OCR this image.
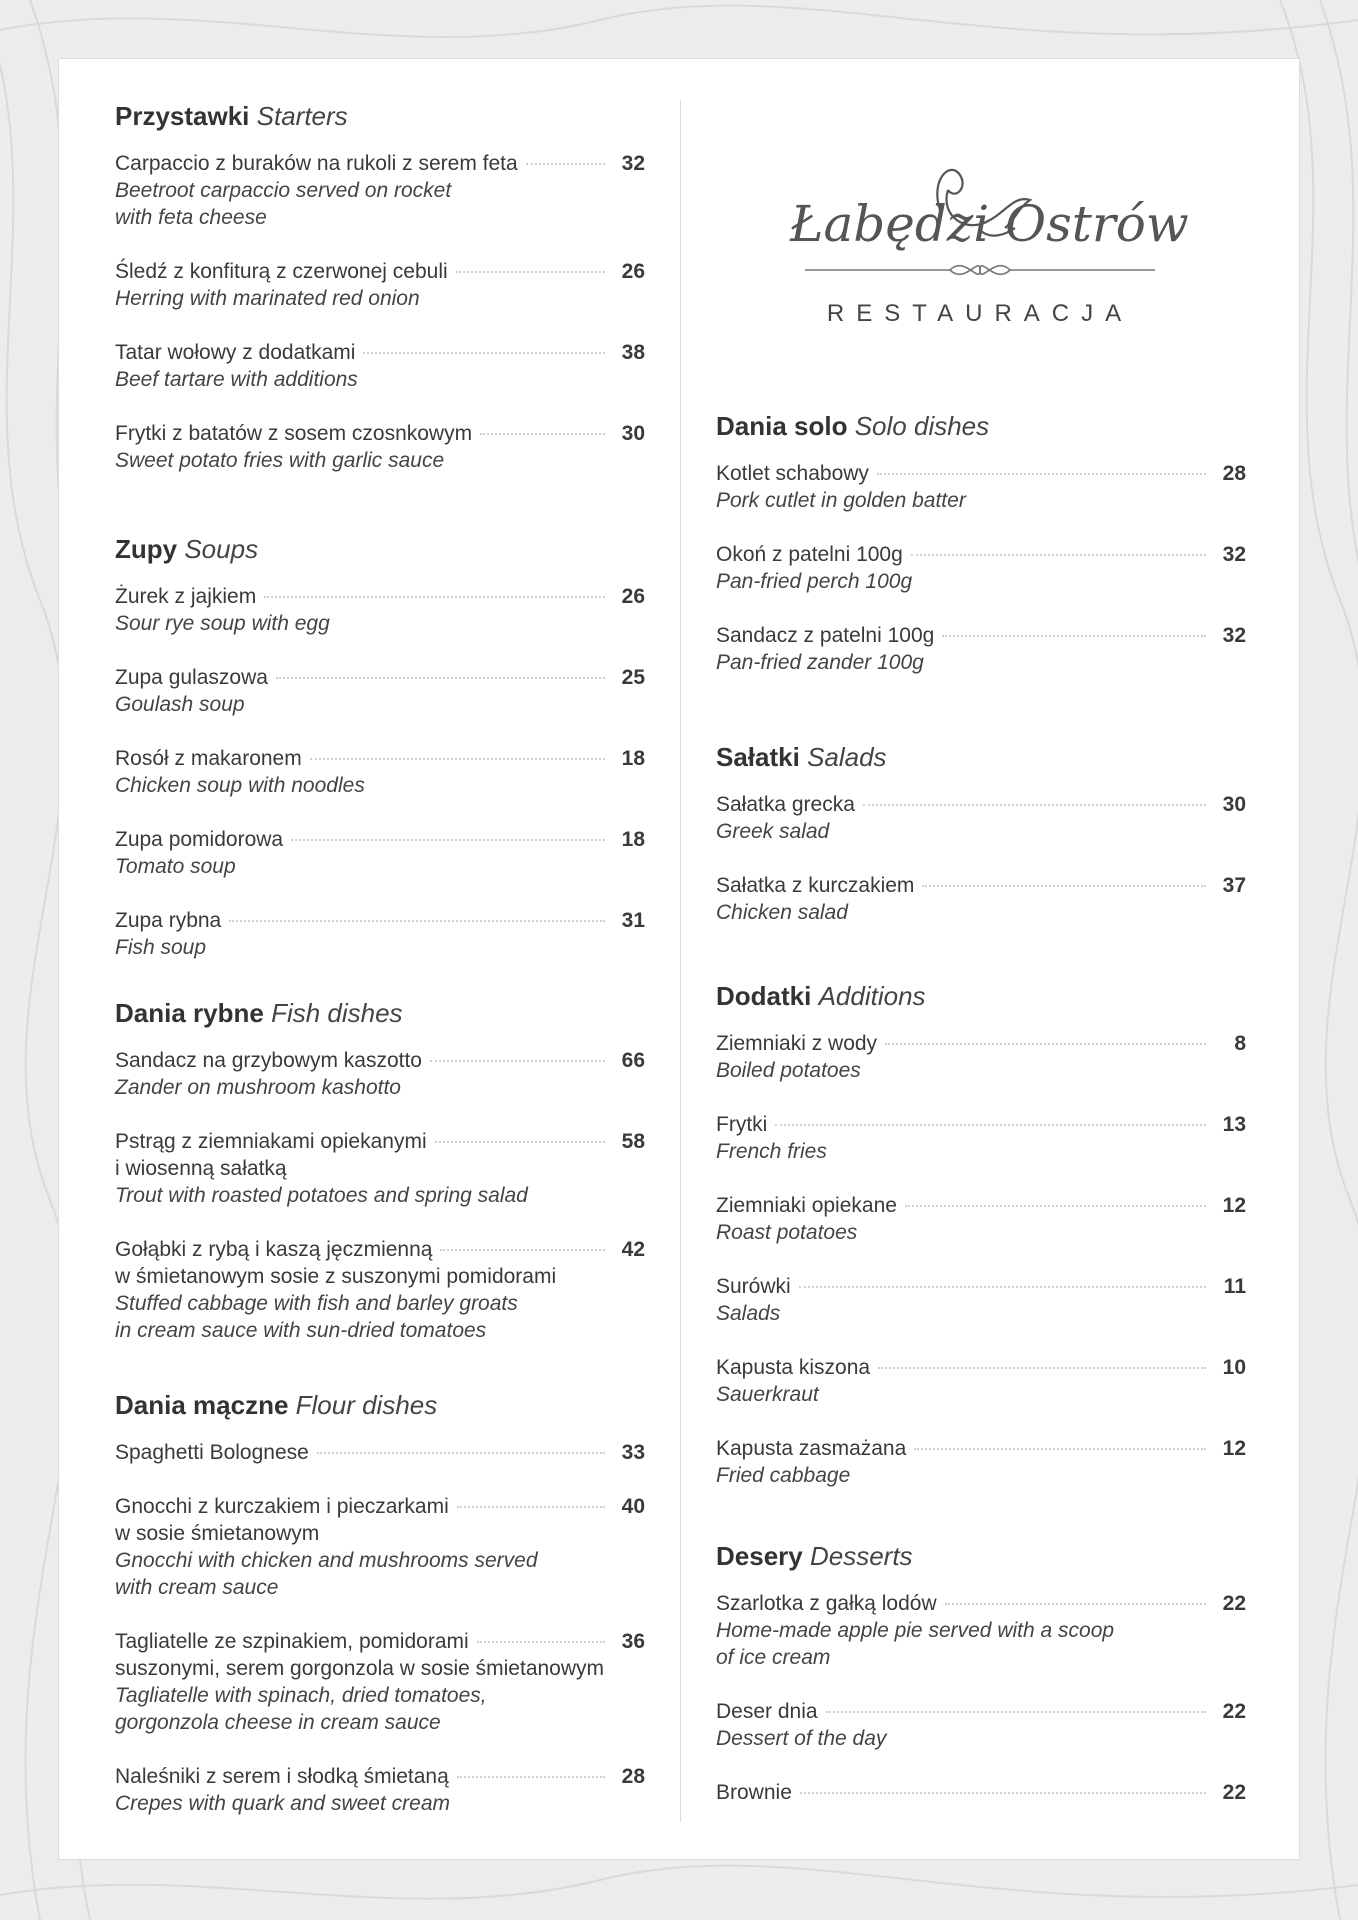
Łabędzi Ostrów
RESTAURACJA
Przystawki Starters
Carpaccio z buraków na rukoli z serem feta	32
Beetroot carpaccio served on rocket
with feta cheese
Śledź z konfiturą z czerwonej cebuli	26
Herring with marinated red onion
Tatar wołowy z dodatkami	38
Beef tartare with additions
Frytki z batatów z sosem czosnkowym	30
Sweet potato fries with garlic sauce
Zupy Soups
Żurek z jajkiem	26
Sour rye soup with egg
Zupa gulaszowa	25
Goulash soup
Rosół z makaronem	18
Chicken soup with noodles
Zupa pomidorowa	18
Tomato soup
Zupa rybna	31
Fish soup
Dania rybne Fish dishes
Sandacz na grzybowym kaszotto	66
Zander on mushroom kashotto
Pstrąg z ziemniakami opiekanymi	58
i wiosenną sałatką
Trout with roasted potatoes and spring salad
Gołąbki z rybą i kaszą jęczmienną	42
w śmietanowym sosie z suszonymi pomidorami
Stuffed cabbage with fish and barley groats
in cream sauce with sun-dried tomatoes
Dania mączne Flour dishes
Spaghetti Bolognese	33
Gnocchi z kurczakiem i pieczarkami	40
w sosie śmietanowym
Gnocchi with chicken and mushrooms served
with cream sauce
Tagliatelle ze szpinakiem, pomidorami	36
suszonymi, serem gorgonzola w sosie śmietanowym
Tagliatelle with spinach, dried tomatoes,
gorgonzola cheese in cream sauce
Naleśniki z serem i słodką śmietaną	28
Crepes with quark and sweet cream
Dania solo Solo dishes
Kotlet schabowy	28
Pork cutlet in golden batter
Okoń z patelni 100g	32
Pan-fried perch 100g
Sandacz z patelni 100g	32
Pan-fried zander 100g
Sałatki Salads
Sałatka grecka	30
Greek salad
Sałatka z kurczakiem	37
Chicken salad
Dodatki Additions
Ziemniaki z wody	8
Boiled potatoes
Frytki	13
French fries
Ziemniaki opiekane	12
Roast potatoes
Surówki	11
Salads
Kapusta kiszona	10
Sauerkraut
Kapusta zasmażana	12
Fried cabbage
Desery Desserts
Szarlotka z gałką lodów	22
Home-made apple pie served with a scoop
of ice cream
Deser dnia	22
Dessert of the day
Brownie	22
